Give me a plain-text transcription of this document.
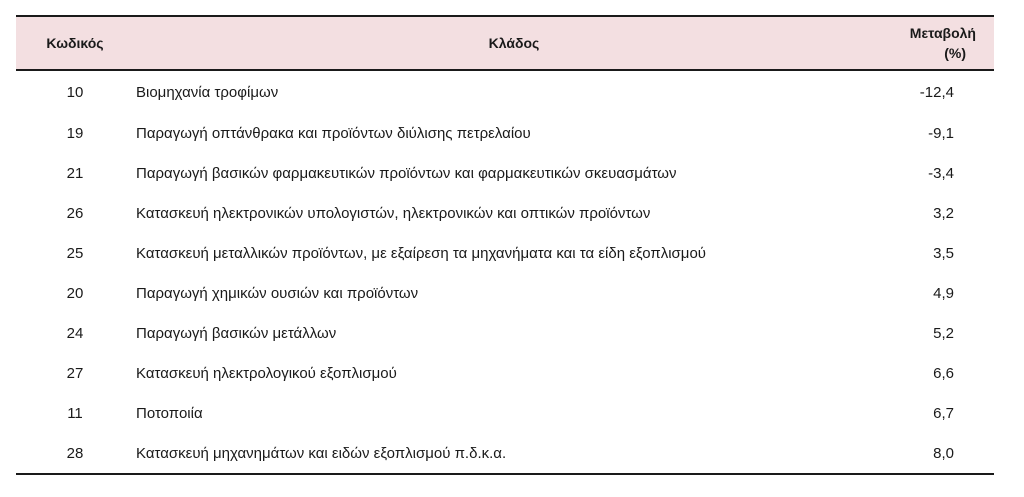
Κωδικός	Κλάδος	Μεταβολή
(%)

10	Βιομηχανία τροφίμων	-12,4
19	Παραγωγή οπτάνθρακα και προϊόντων διύλισης πετρελαίου	-9,1
21	Παραγωγή βασικών φαρμακευτικών προϊόντων και φαρμακευτικών σκευασμάτων	-3,4
26	Κατασκευή ηλεκτρονικών υπολογιστών, ηλεκτρονικών και οπτικών προϊόντων	3,2
25	Κατασκευή μεταλλικών προϊόντων, με εξαίρεση τα μηχανήματα και τα είδη εξοπλισμού	3,5
20	Παραγωγή χημικών ουσιών και προϊόντων	4,9
24	Παραγωγή βασικών μετάλλων	5,2
27	Κατασκευή ηλεκτρολογικού εξοπλισμού	6,6
11	Ποτοποιία	6,7
28	Κατασκευή μηχανημάτων και ειδών εξοπλισμού π.δ.κ.α.	8,0
